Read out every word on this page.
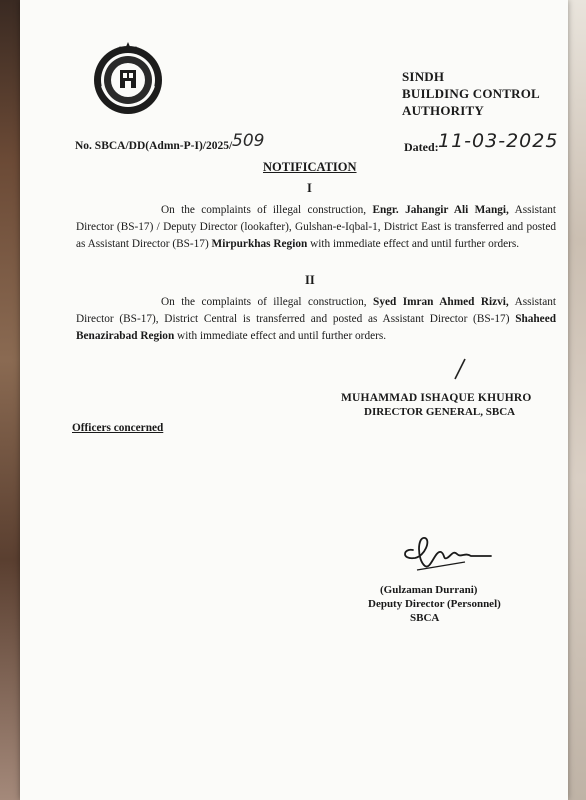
SINDH
BUILDING CONTROL
AUTHORITY
No. SBCA/DD(Admn-P-I)/2025/ 509	Dated: 11-03-2025
NOTIFICATION
I
On the complaints of illegal construction, Engr. Jahangir Ali Mangi, Assistant Director (BS-17) / Deputy Director (lookafter), Gulshan-e-Iqbal-1, District East is transferred and posted as Assistant Director (BS-17) Mirpurkhas Region with immediate effect and until further orders.
II
On the complaints of illegal construction, Syed Imran Ahmed Rizvi, Assistant Director (BS-17), District Central is transferred and posted as Assistant Director (BS-17) Shaheed Benazirabad Region with immediate effect and until further orders.
MUHAMMAD ISHAQUE KHUHRO
DIRECTOR GENERAL, SBCA
Officers concerned
(Gulzaman Durrani)
Deputy Director (Personnel)
SBCA
